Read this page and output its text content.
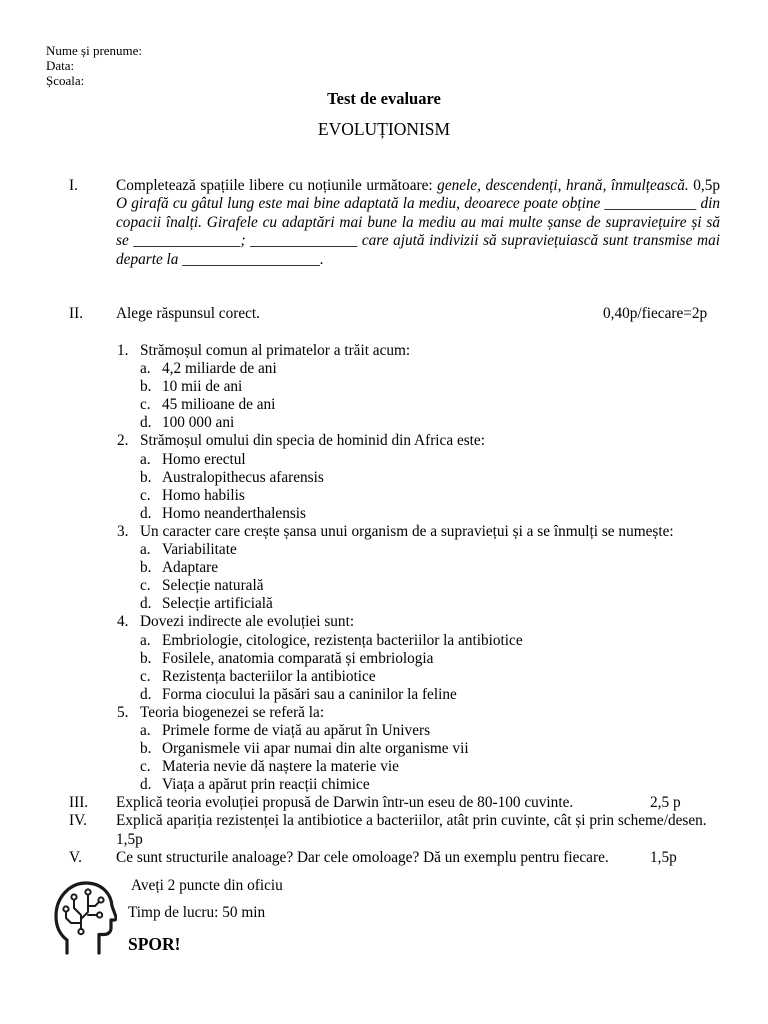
Nume și prenume:
Data:
Școala:
Test de evaluare
EVOLUȚIONISM
I. Completează spațiile libere cu noțiunile următoare: genele, descendenți, hrană, înmulțească. 0,5p
O girafă cu gâtul lung este mai bine adaptată la mediu, deoarece poate obține ____________ din
copacii înalți. Girafele cu adaptări mai bune la mediu au mai multe șanse de supraviețuire și să
se ______________; ______________ care ajută indivizii să supraviețuiască sunt transmise mai
departe la __________________.
II. Alege răspunsul corect.	0,40p/fiecare=2p
1. Strămoșul comun al primatelor a trăit acum:
a. 4,2 miliarde de ani
b. 10 mii de ani
c. 45 milioane de ani
d. 100 000 ani
2. Strămoșul omului din specia de hominid din Africa este:
a. Homo erectul
b. Australopithecus afarensis
c. Homo habilis
d. Homo neanderthalensis
3. Un caracter care crește șansa unui organism de a supraviețui și a se înmulți se numește:
a. Variabilitate
b. Adaptare
c. Selecție naturală
d. Selecție artificială
4. Dovezi indirecte ale evoluției sunt:
a. Embriologie, citologice, rezistența bacteriilor la antibiotice
b. Fosilele, anatomia comparată și embriologia
c. Rezistența bacteriilor la antibiotice
d. Forma ciocului la păsări sau a caninilor la feline
5. Teoria biogenezei se referă la:
a. Primele forme de viață au apărut în Univers
b. Organismele vii apar numai din alte organisme vii
c. Materia nevie dă naștere la materie vie
d. Viața a apărut prin reacții chimice
III. Explică teoria evoluției propusă de Darwin într-un eseu de 80-100 cuvinte.	2,5 p
IV. Explică apariția rezistenței la antibiotice a bacteriilor, atât prin cuvinte, cât și prin scheme/desen.
1,5p
V. Ce sunt structurile analoage? Dar cele omoloage? Dă un exemplu pentru fiecare.	1,5p
Aveți 2 puncte din oficiu
Timp de lucru: 50 min
SPOR!
